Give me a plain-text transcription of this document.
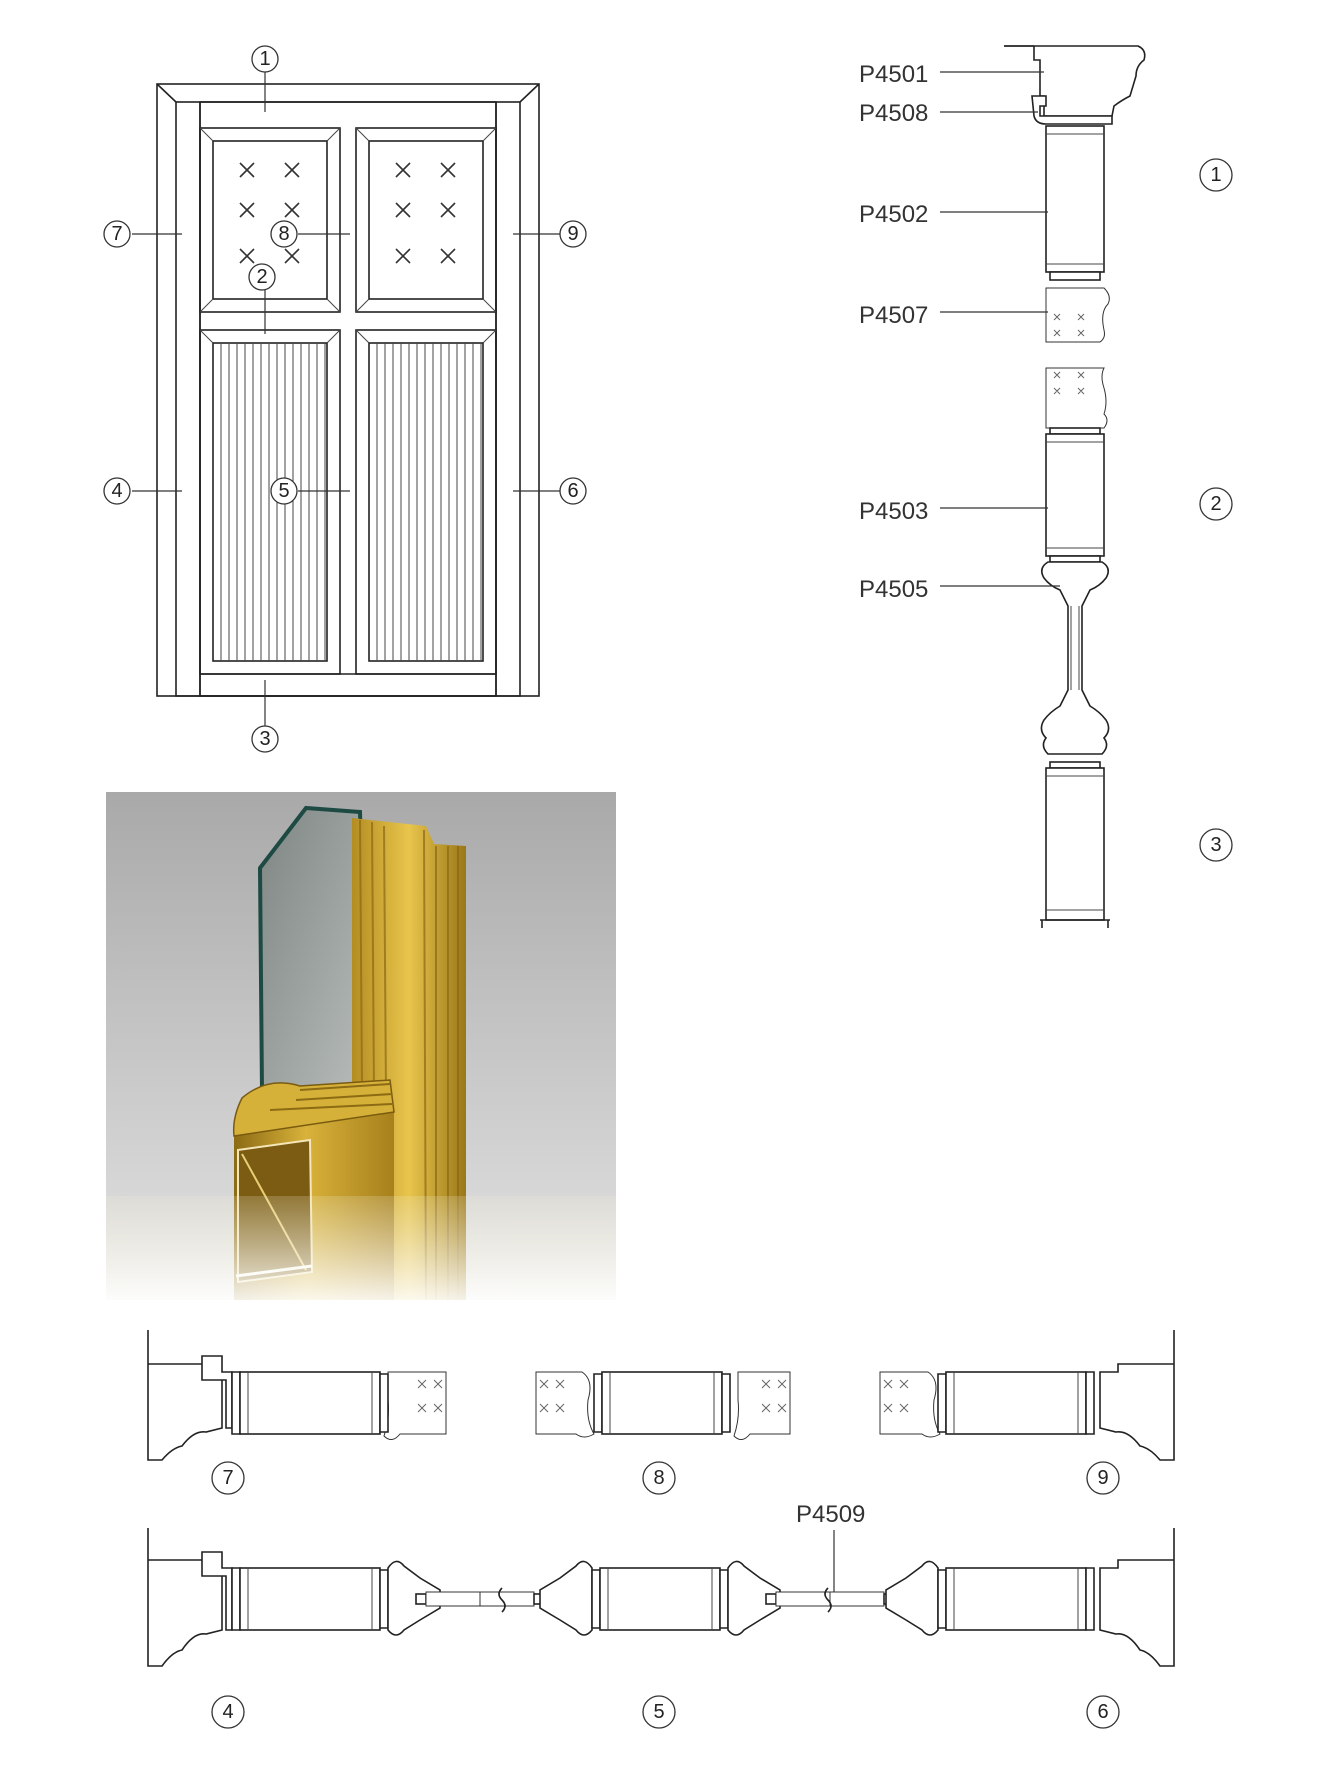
1
2
3
4	5	6
7	8	9
P4501
P4508
P4502
P4507
P4503
P4505
1
2
3
7	8	9
P4509
4	5	6
